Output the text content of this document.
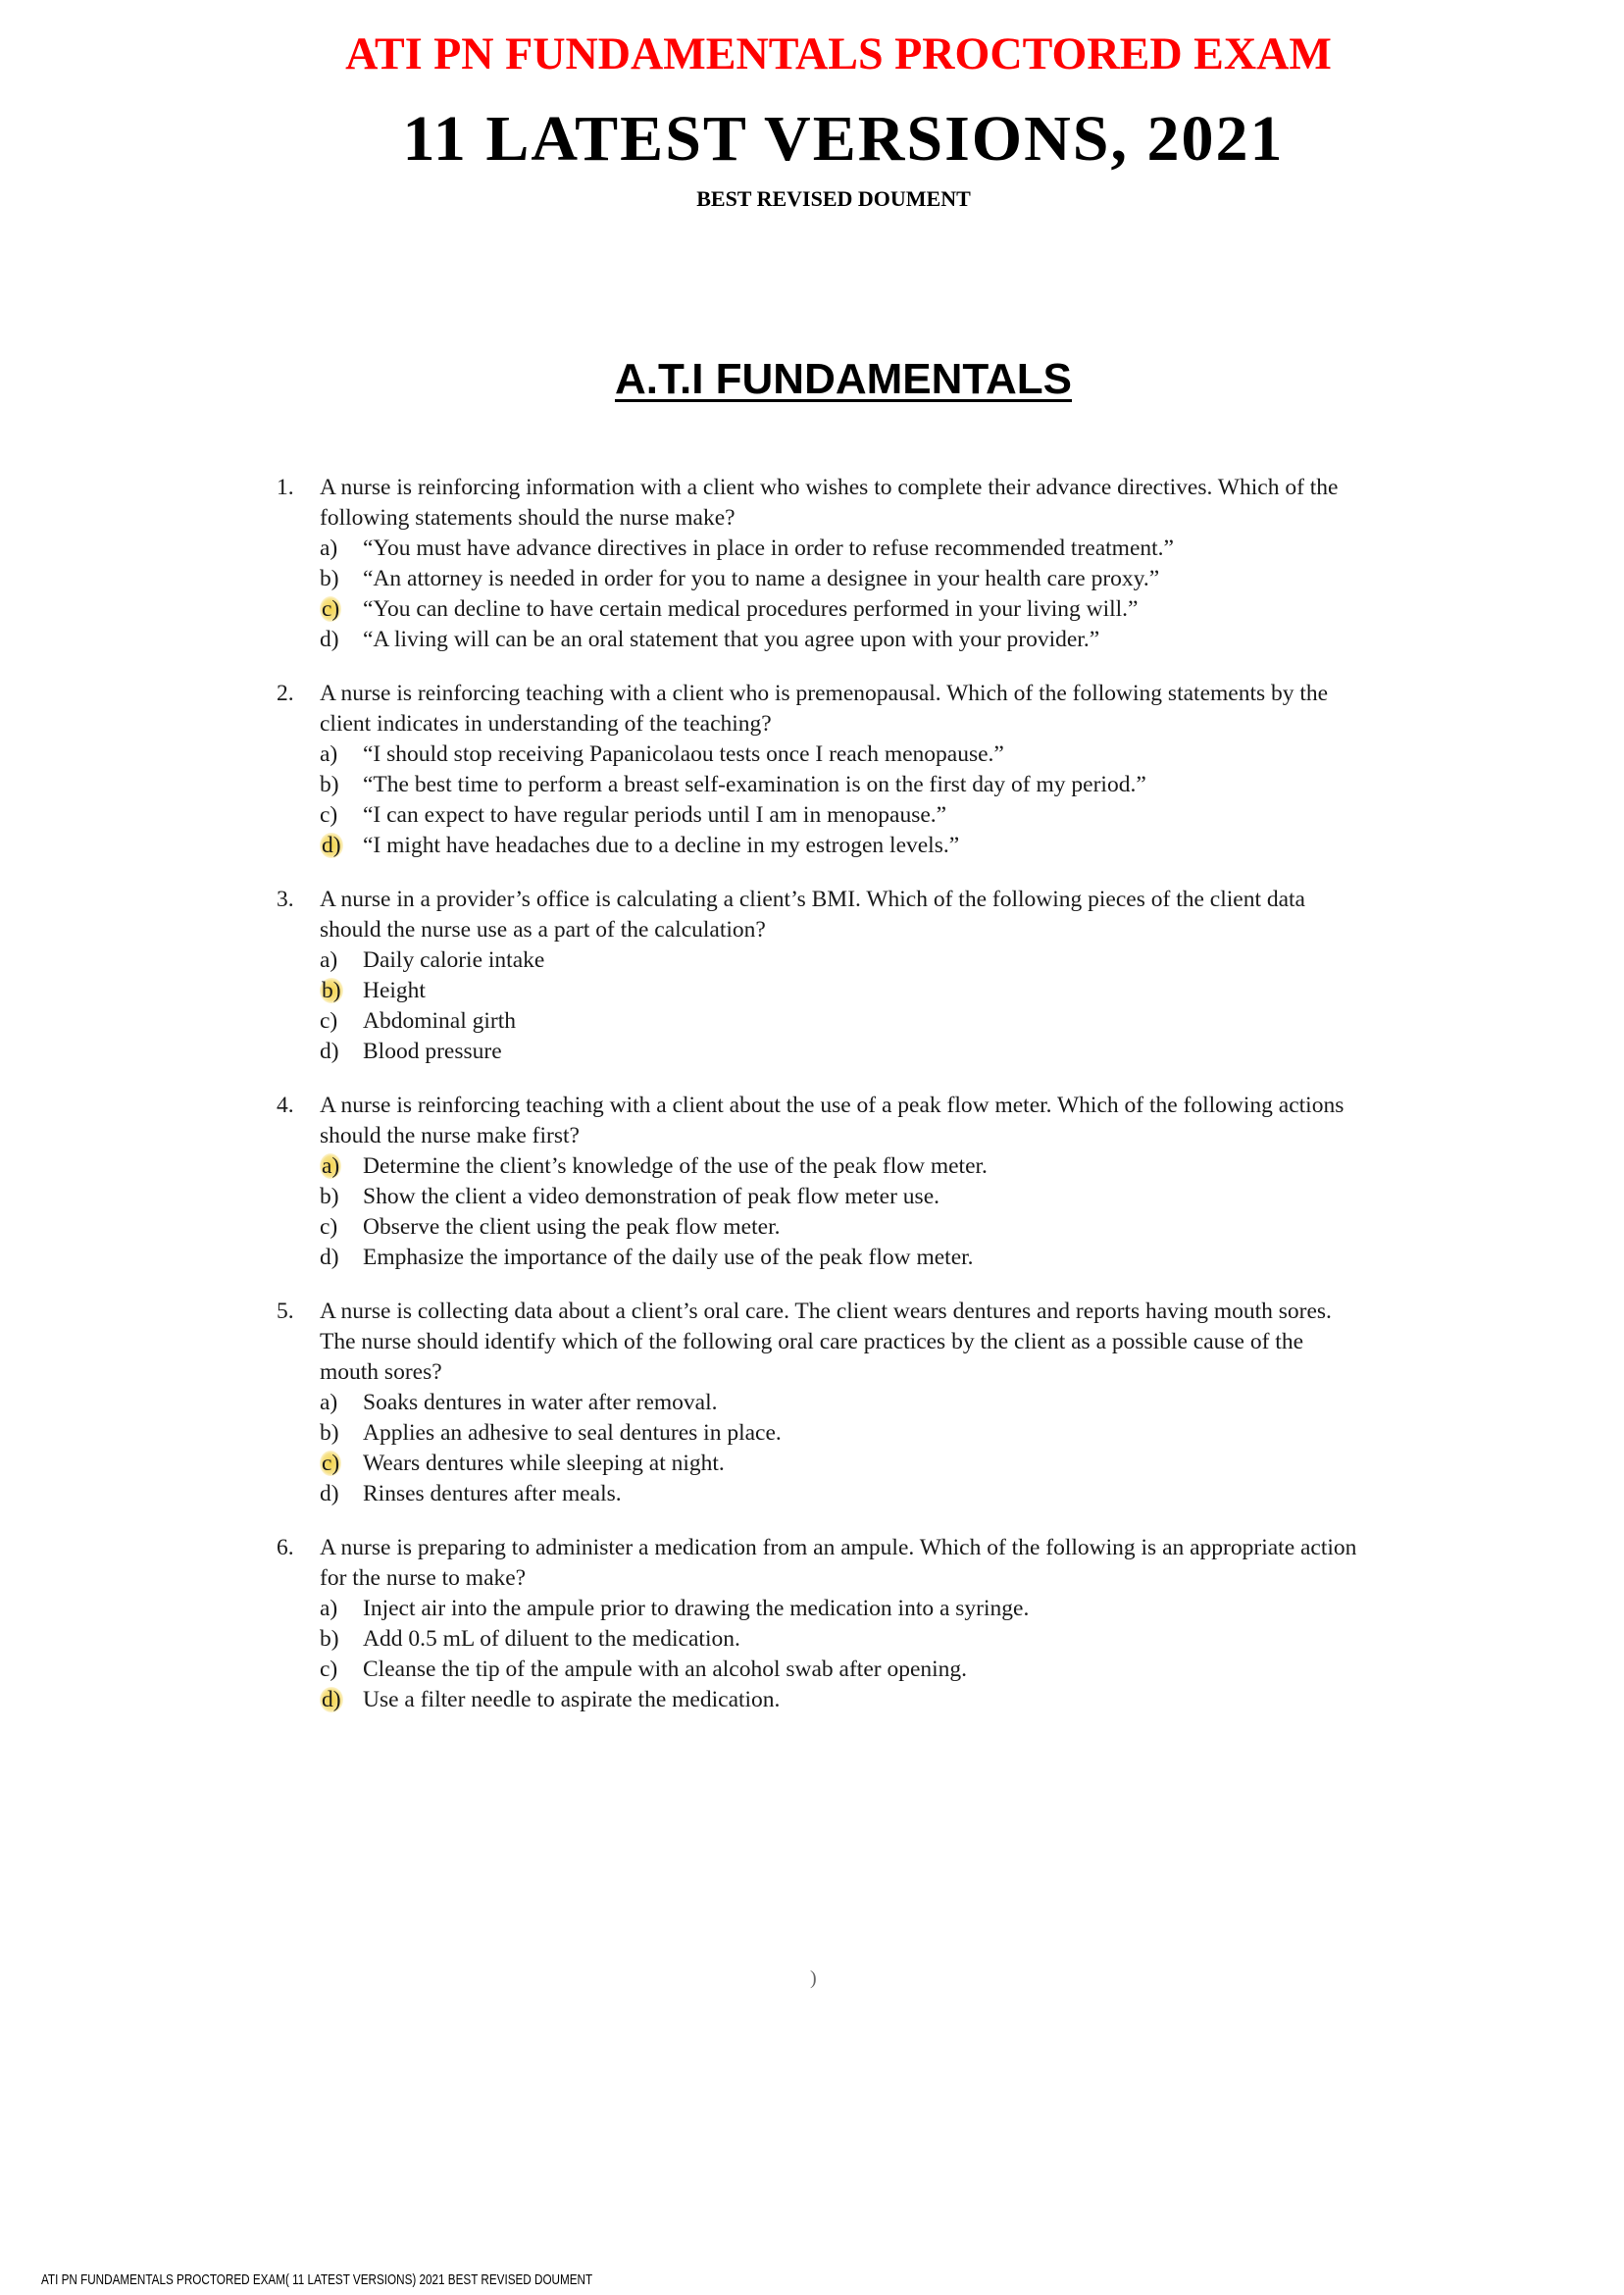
ATI PN FUNDAMENTALS PROCTORED EXAM
11 LATEST VERSIONS, 2021
BEST REVISED DOUMENT
A.T.I FUNDAMENTALS
1.	A nurse is reinforcing information with a client who wishes to complete their advance directives. Which of the following statements should the nurse make?
a)	“You must have advance directives in place in order to refuse recommended treatment.”
b)	“An attorney is needed in order for you to name a designee in your health care proxy.”
c)	“You can decline to have certain medical procedures performed in your living will.”
d)	“A living will can be an oral statement that you agree upon with your provider.”
2.	A nurse is reinforcing teaching with a client who is premenopausal. Which of the following statements by the client indicates in understanding of the teaching?
a)	“I should stop receiving Papanicolaou tests once I reach menopause.”
b)	“The best time to perform a breast self-examination is on the first day of my period.”
c)	“I can expect to have regular periods until I am in menopause.”
d) “I might have headaches due to a decline in my estrogen levels.”
3.	A nurse in a provider’s office is calculating a client’s BMI. Which of the following pieces of the client data should the nurse use as a part of the calculation?
a)	Daily calorie intake
b) Height
c)	Abdominal girth
d)	Blood pressure
4.	A nurse is reinforcing teaching with a client about the use of a peak flow meter. Which of the following actions should the nurse make first?
a)	Determine the client’s knowledge of the use of the peak flow meter.
b)	Show the client a video demonstration of peak flow meter use.
c)	Observe the client using the peak flow meter.
d)	Emphasize the importance of the daily use of the peak flow meter.
5.	A nurse is collecting data about a client’s oral care. The client wears dentures and reports having mouth sores. The nurse should identify which of the following oral care practices by the client as a possible cause of the mouth sores?
a)	Soaks dentures in water after removal.
b)	Applies an adhesive to seal dentures in place.
c)	Wears dentures while sleeping at night.
d)	Rinses dentures after meals.
6.	A nurse is preparing to administer a medication from an ampule. Which of the following is an appropriate action for the nurse to make?
a)	Inject air into the ampule prior to drawing the medication into a syringe.
b)	Add 0.5 mL of diluent to the medication.
c)	Cleanse the tip of the ampule with an alcohol swab after opening.
d) Use a filter needle to aspirate the medication.
)
ATI PN FUNDAMENTALS PROCTORED EXAM( 11 LATEST VERSIONS) 2021 BEST REVISED DOUMENT
